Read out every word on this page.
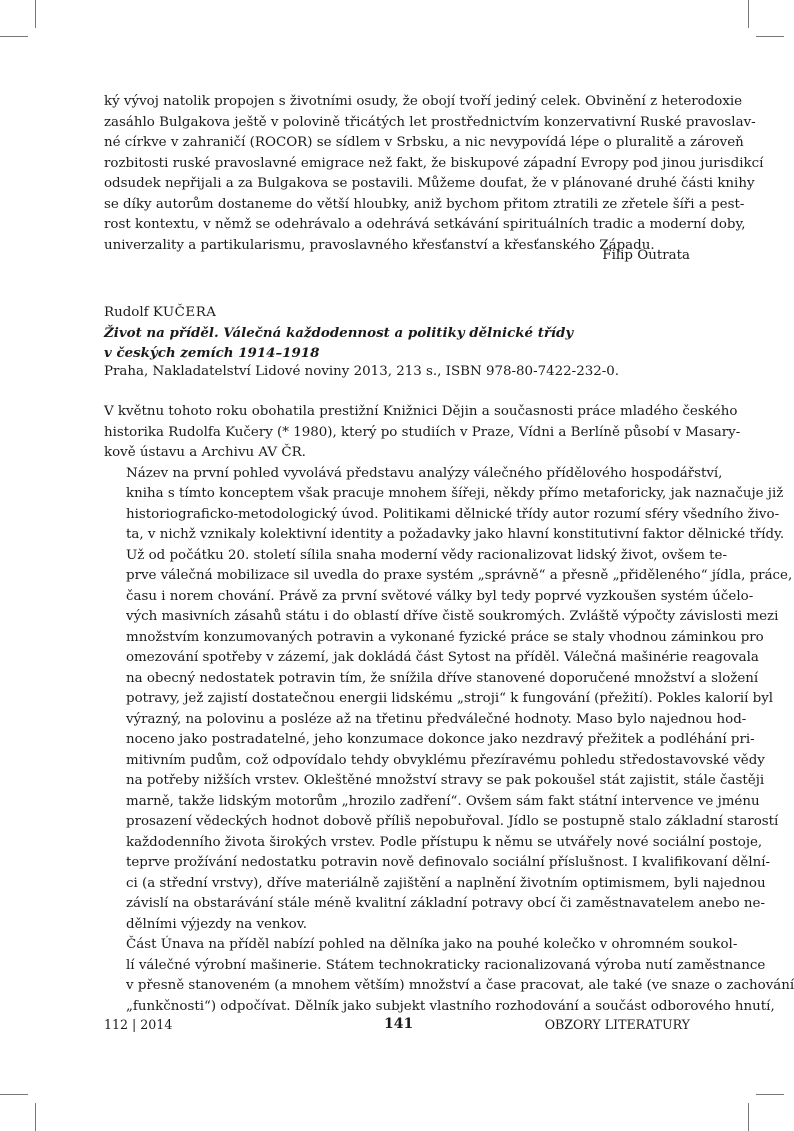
ký vývoj natolik propojen s životními osudy, že obojí tvoří jediný celek. Obvinění z heterodoxie
zasáhlo Bulgakova ještě v polovině třicátých let prostřednictvím konzervativní Ruské pravoslav-
né církve v zahraničí (ROCOR) se sídlem v Srbsku, a nic nevypovídá lépe o pluralitě a zároveň
rozbitosti ruské pravoslavné emigrace než fakt, že biskupové západní Evropy pod jinou jurisdikcí
odsudek nepřijali a za Bulgakova se postavili. Můžeme doufat, že v plánované druhé části knihy
se díky autorům dostaneme do větší hloubky, aniž bychom přitom ztratili ze zřetele šíři a pest-
rost kontextu, v němž se odehrávalo a odehrává setkávání spirituálních tradic a moderní doby,
univerzality a partikularismu, pravoslavného křesťanství a křesťanského Západu.

Filip Outrata
Rudolf KUČERA
Život na příděl. Válečná každodennost a politiky dělnické třídy
v českých zemích 1914–1918
Praha, Nakladatelství Lidové noviny 2013, 213 s., ISBN 978-80-7422-232-0.

V květnu tohoto roku obohatila prestižní Knižnici Dějin a současnosti práce mladého českého
historika Rudolfa Kučery (* 1980), který po studiích v Praze, Vídni a Berlíně působí v Masary-
kově ústavu a Archivu AV ČR.

Název na první pohled vyvolává představu analýzy válečného přídělového hospodářství,
kniha s tímto konceptem však pracuje mnohem šířeji, někdy přímo metaforicky, jak naznačuje již
historiograficko-metodologický úvod. Politikami dělnické třídy autor rozumí sféry všedního živo-
ta, v nichž vznikaly kolektivní identity a požadavky jako hlavní konstitutivní faktor dělnické třídy.

Už od počátku 20. století sílila snaha moderní vědy racionalizovat lidský život, ovšem te-
prve válečná mobilizace sil uvedla do praxe systém „správně“ a přesně „přiděleného“ jídla, práce,
času i norem chování. Právě za první světové války byl tedy poprvé vyzkoušen systém účelo-
vých masivních zásahů státu i do oblastí dříve čistě soukromých. Zvláště výpočty závislosti mezi
množstvím konzumovaných potravin a vykonané fyzické práce se staly vhodnou záminkou pro
omezování spotřeby v zázemí, jak dokládá část Sytost na příděl. Válečná mašinérie reagovala
na obecný nedostatek potravin tím, že snížila dříve stanovené doporučené množství a složení
potravy, jež zajistí dostatečnou energii lidskému „stroji“ k fungování (přežití). Pokles kalorií byl
výrazný, na polovinu a posléze až na třetinu předválečné hodnoty. Maso bylo najednou hod-
noceno jako postradatelné, jeho konzumace dokonce jako nezdravý přežitek a podléhání pri-
mitivním pudům, což odpovídalo tehdy obvyklému přezíravému pohledu středostavovské vědy
na potřeby nižších vrstev. Okleštěné množství stravy se pak pokoušel stát zajistit, stále častěji
marně, takže lidským motorům „hrozilo zadření“. Ovšem sám fakt státní intervence ve jménu
prosazení vědeckých hodnot dobově příliš nepobuřoval. Jídlo se postupně stalo základní starostí
každodenního života širokých vrstev. Podle přístupu k němu se utvářely nové sociální postoje,
teprve prožívání nedostatku potravin nově definovalo sociální příslušnost. I kvalifikovaní dělní-
ci (a střední vrstvy), dříve materiálně zajištění a naplnění životním optimismem, byli najednou
závislí na obstarávání stále méně kvalitní základní potravy obcí či zaměstnavatelem anebo ne-
dělními výjezdy na venkov.

Část Únava na příděl nabízí pohled na dělníka jako na pouhé kolečko v ohromném soukol-
lí válečné výrobní mašinerie. Státem technokraticky racionalizovaná výroba nutí zaměstnance
v přesně stanoveném (a mnohem větším) množství a čase pracovat, ale také (ve snaze o zachování
„funkčnosti“) odpočívat. Dělník jako subjekt vlastního rozhodování a součást odborového hnutí,

112 | 2014	141	OBZORY LITERATURY
